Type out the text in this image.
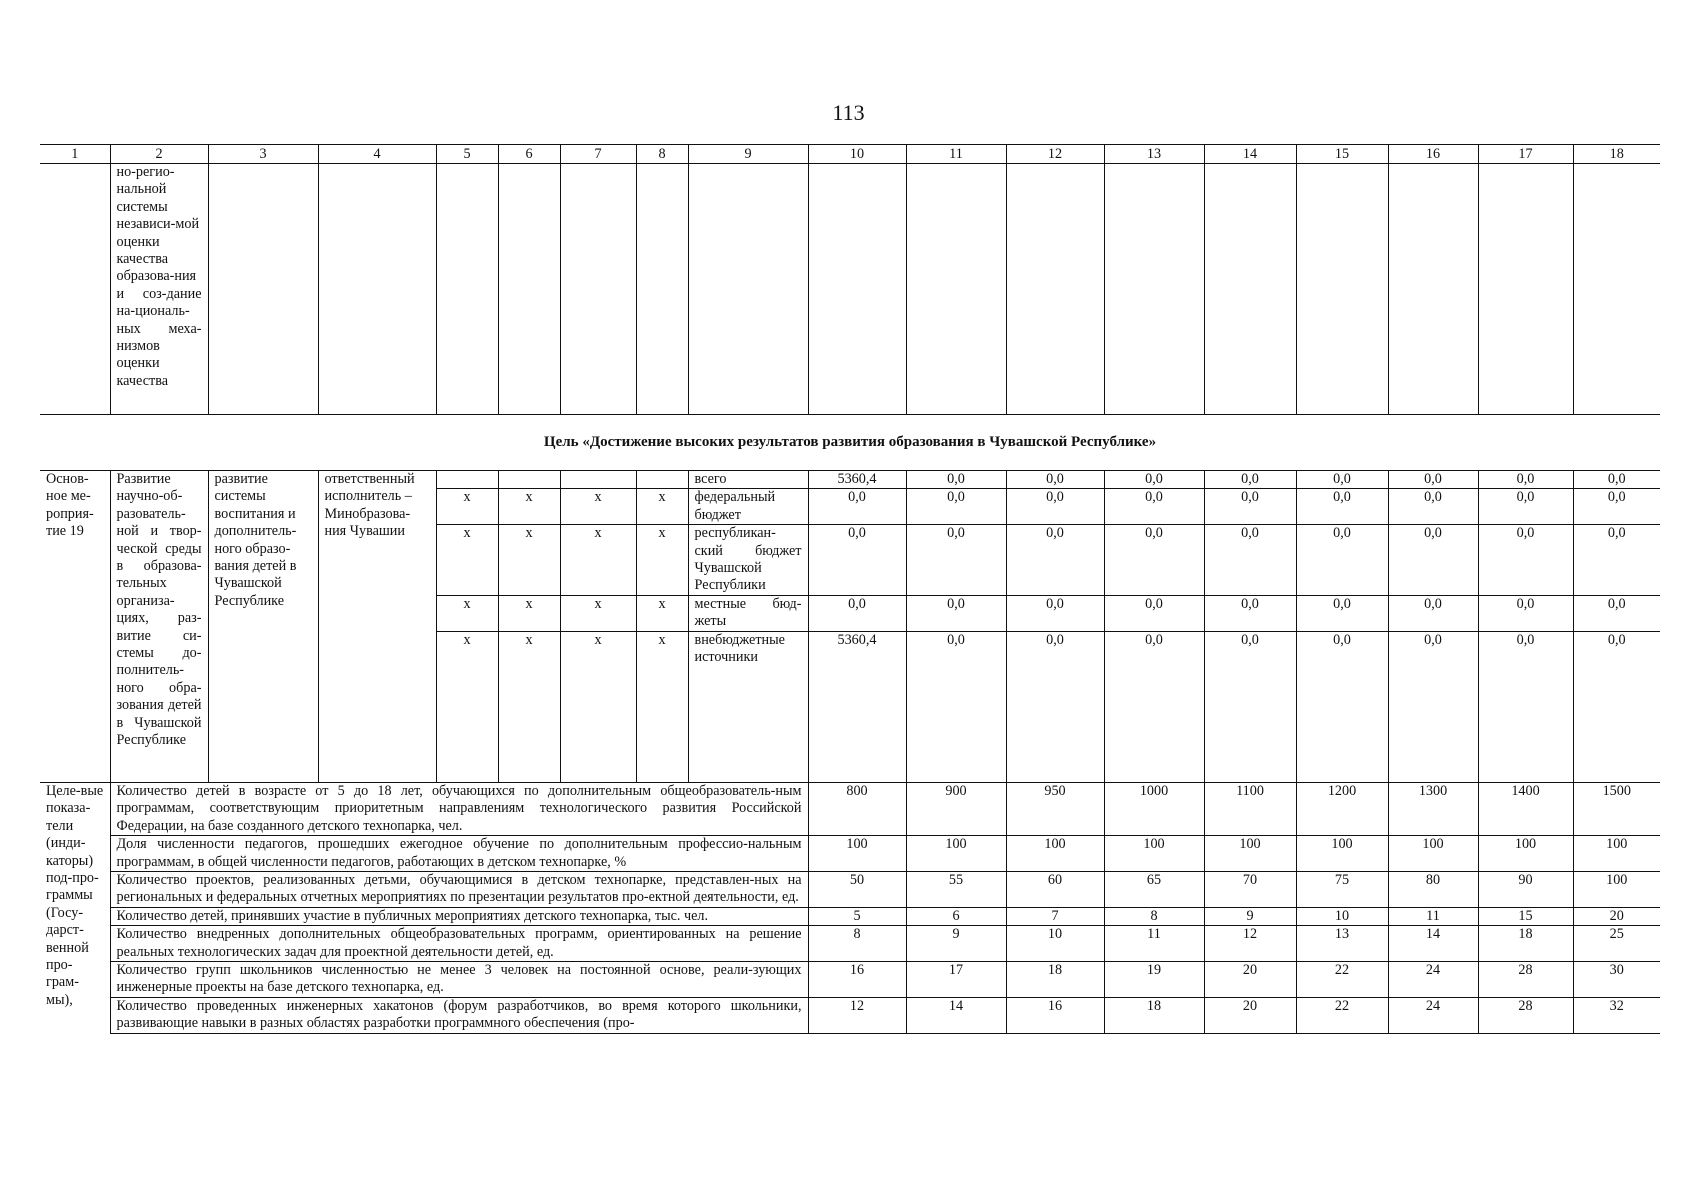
113
1	2	3	4	5	6	7	8	9	10	11	12	13	14	15	16	17	18
	но-регио-нальной системы независи-мой оценки качества образова-ния и соз-дание на-циональ-ных меха-низмов оценки качества																
Цель «Достижение высоких результатов развития образования в Чувашской Республике»
Основ-ное ме-роприя-тие 19	Развитие научно-об-разователь-ной и твор-ческой среды в образова-тельных организа-циях, раз-витие си-стемы до-полнитель-ного обра-зования детей в Чувашской Республике	развитие системы воспитания и дополнитель-ного образо-вания детей в Чувашской Республике	ответственный исполнитель – Минобразова-ния Чувашии					всего	5360,4	0,0	0,0	0,0	0,0	0,0	0,0	0,0	0,0
				х	х	х	х	федеральный бюджет	0,0	0,0	0,0	0,0	0,0	0,0	0,0	0,0	0,0
				х	х	х	х	республикан-ский бюджет Чувашской Республики	0,0	0,0	0,0	0,0	0,0	0,0	0,0	0,0	0,0
				х	х	х	х	местные бюд-жеты	0,0	0,0	0,0	0,0	0,0	0,0	0,0	0,0	0,0
				х	х	х	х	внебюджетные источники	5360,4	0,0	0,0	0,0	0,0	0,0	0,0	0,0	0,0

Целе-вые показа-тели (инди-каторы) под-про-граммы (Госу-дарст-венной про-грам-мы),	Количество детей в возрасте от 5 до 18 лет, обучающихся по дополнительным общеобразователь-ным программам, соответствующим приоритетным направлениям технологического развития Российской Федерации, на базе созданного детского технопарка, чел.								800	900	950	1000	1100	1200	1300	1400	1500
	Доля численности педагогов, прошедших ежегодное обучение по дополнительным профессио-нальным программам, в общей численности педагогов, работающих в детском технопарке, %								100	100	100	100	100	100	100	100	100
	Количество проектов, реализованных детьми, обучающимися в детском технопарке, представлен-ных на региональных и федеральных отчетных мероприятиях по презентации результатов про-ектной деятельности, ед.								50	55	60	65	70	75	80	90	100
	Количество детей, принявших участие в публичных мероприятиях детского технопарка, тыс. чел.								5	6	7	8	9	10	11	15	20
	Количество внедренных дополнительных общеобразовательных программ, ориентированных на решение реальных технологических задач для проектной деятельности детей, ед.								8	9	10	11	12	13	14	18	25
	Количество групп школьников численностью не менее 3 человек на постоянной основе, реали-зующих инженерные проекты на базе детского технопарка, ед.								16	17	18	19	20	22	24	28	30
	Количество проведенных инженерных хакатонов (форум разработчиков, во время которого школьники, развивающие навыки в разных областях разработки программного обеспечения (про-								12	14	16	18	20	22	24	28	32
